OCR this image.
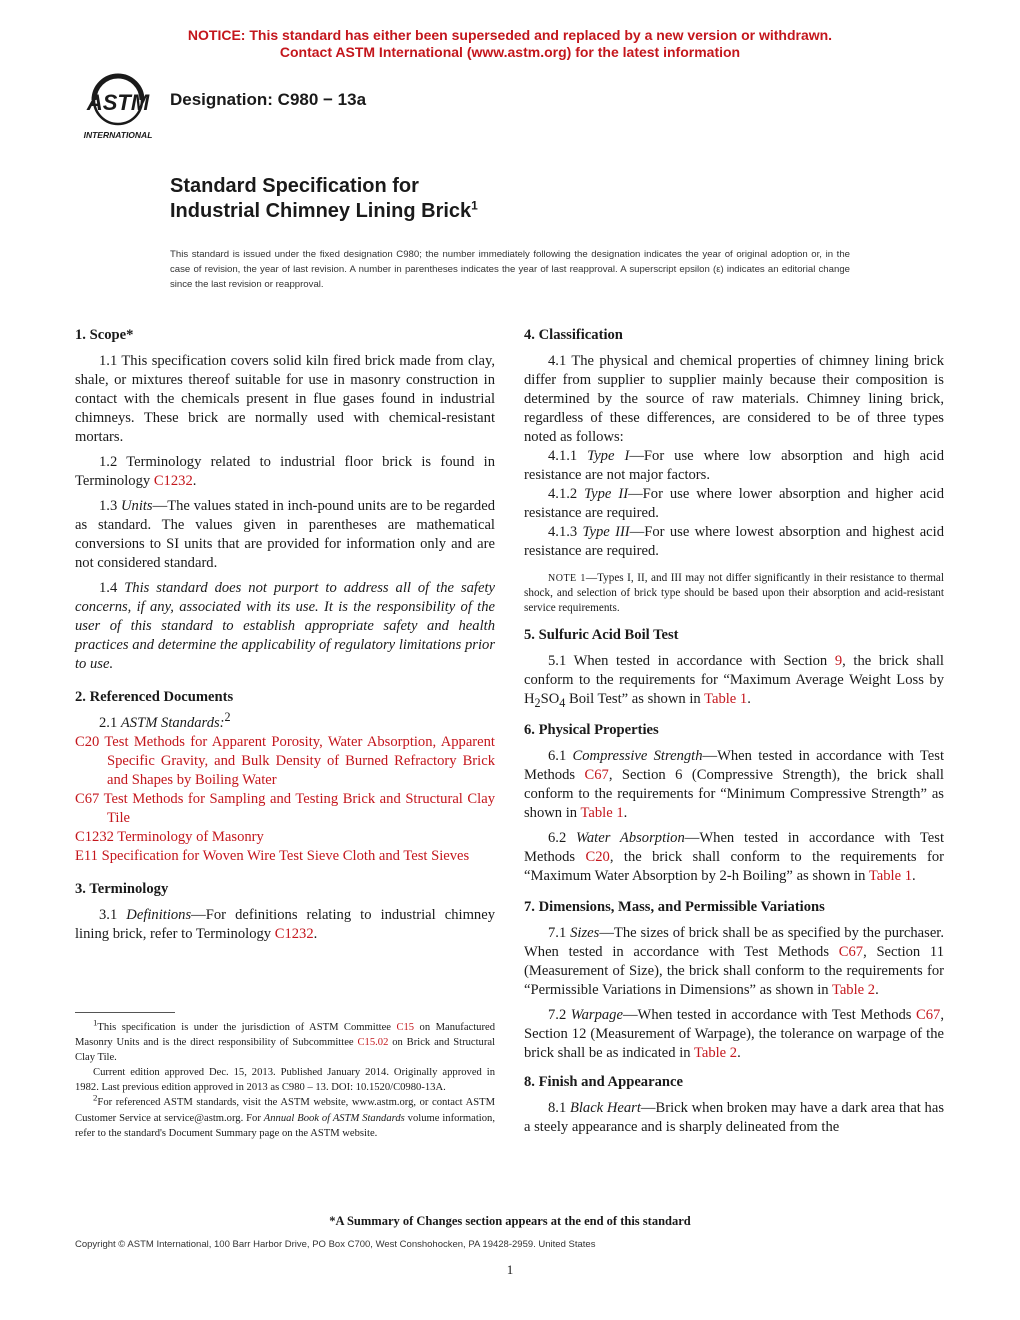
NOTICE: This standard has either been superseded and replaced by a new version or withdrawn.
Contact ASTM International (www.astm.org) for the latest information
ASTM
INTERNATIONAL
Designation: C980 − 13a
Standard Specification for
Industrial Chimney Lining Brick$^1$
This standard is issued under the fixed designation C980; the number immediately following the designation indicates the year of original adoption or, in the case of revision, the year of last revision. A number in parentheses indicates the year of last reapproval. A superscript epsilon (ε) indicates an editorial change since the last revision or reapproval.
1. Scope*

1.1 This specification covers solid kiln fired brick made from clay, shale, or mixtures thereof suitable for use in masonry construction in contact with the chemicals present in flue gases found in industrial chimneys. These brick are normally used with chemical-resistant mortars.

1.2 Terminology related to industrial floor brick is found in Terminology C1232.

1.3 Units—The values stated in inch-pound units are to be regarded as standard. The values given in parentheses are mathematical conversions to SI units that are provided for information only and are not considered standard.

1.4 This standard does not purport to address all of the safety concerns, if any, associated with its use. It is the responsibility of the user of this standard to establish appropriate safety and health practices and determine the applicability of regulatory limitations prior to use.

2. Referenced Documents

2.1 ASTM Standards:$^2$

C20 Test Methods for Apparent Porosity, Water Absorption, Apparent Specific Gravity, and Bulk Density of Burned Refractory Brick and Shapes by Boiling Water

C67 Test Methods for Sampling and Testing Brick and Structural Clay Tile

C1232 Terminology of Masonry

E11 Specification for Woven Wire Test Sieve Cloth and Test Sieves

3. Terminology

3.1 Definitions—For definitions relating to industrial chimney lining brick, refer to Terminology C1232.

$^1$This specification is under the jurisdiction of ASTM Committee C15 on Manufactured Masonry Units and is the direct responsibility of Subcommittee C15.02 on Brick and Structural Clay Tile.

Current edition approved Dec. 15, 2013. Published January 2014. Originally approved in 1982. Last previous edition approved in 2013 as C980 – 13. DOI: 10.1520/C0980-13A.

$^2$For referenced ASTM standards, visit the ASTM website, www.astm.org, or contact ASTM Customer Service at service@astm.org. For Annual Book of ASTM Standards volume information, refer to the standard's Document Summary page on the ASTM website.

4. Classification

4.1 The physical and chemical properties of chimney lining brick differ from supplier to supplier mainly because their composition is determined by the source of raw materials. Chimney lining brick, regardless of these differences, are considered to be of three types noted as follows:

4.1.1 Type I—For use where low absorption and high acid resistance are not major factors.

4.1.2 Type II—For use where lower absorption and higher acid resistance are required.

4.1.3 Type III—For use where lowest absorption and highest acid resistance are required.

NOTE 1—Types I, II, and III may not differ significantly in their resistance to thermal shock, and selection of brick type should be based upon their absorption and acid-resistant service requirements.

5. Sulfuric Acid Boil Test

5.1 When tested in accordance with Section 9, the brick shall conform to the requirements for “Maximum Average Weight Loss by $H_2SO_4$ Boil Test” as shown in Table 1.

6. Physical Properties

6.1 Compressive Strength—When tested in accordance with Test Methods C67, Section 6 (Compressive Strength), the brick shall conform to the requirements for “Minimum Compressive Strength” as shown in Table 1.

6.2 Water Absorption—When tested in accordance with Test Methods C20, the brick shall conform to the requirements for “Maximum Water Absorption by 2-h Boiling” as shown in Table 1.

7. Dimensions, Mass, and Permissible Variations

7.1 Sizes—The sizes of brick shall be as specified by the purchaser. When tested in accordance with Test Methods C67, Section 11 (Measurement of Size), the brick shall conform to the requirements for “Permissible Variations in Dimensions” as shown in Table 2.

7.2 Warpage—When tested in accordance with Test Methods C67, Section 12 (Measurement of Warpage), the tolerance on warpage of the brick shall be as indicated in Table 2.

8. Finish and Appearance

8.1 Black Heart—Brick when broken may have a dark area that has a steely appearance and is sharply delineated from the

*A Summary of Changes section appears at the end of this standard
Copyright © ASTM International, 100 Barr Harbor Drive, PO Box C700, West Conshohocken, PA 19428-2959. United States
1
